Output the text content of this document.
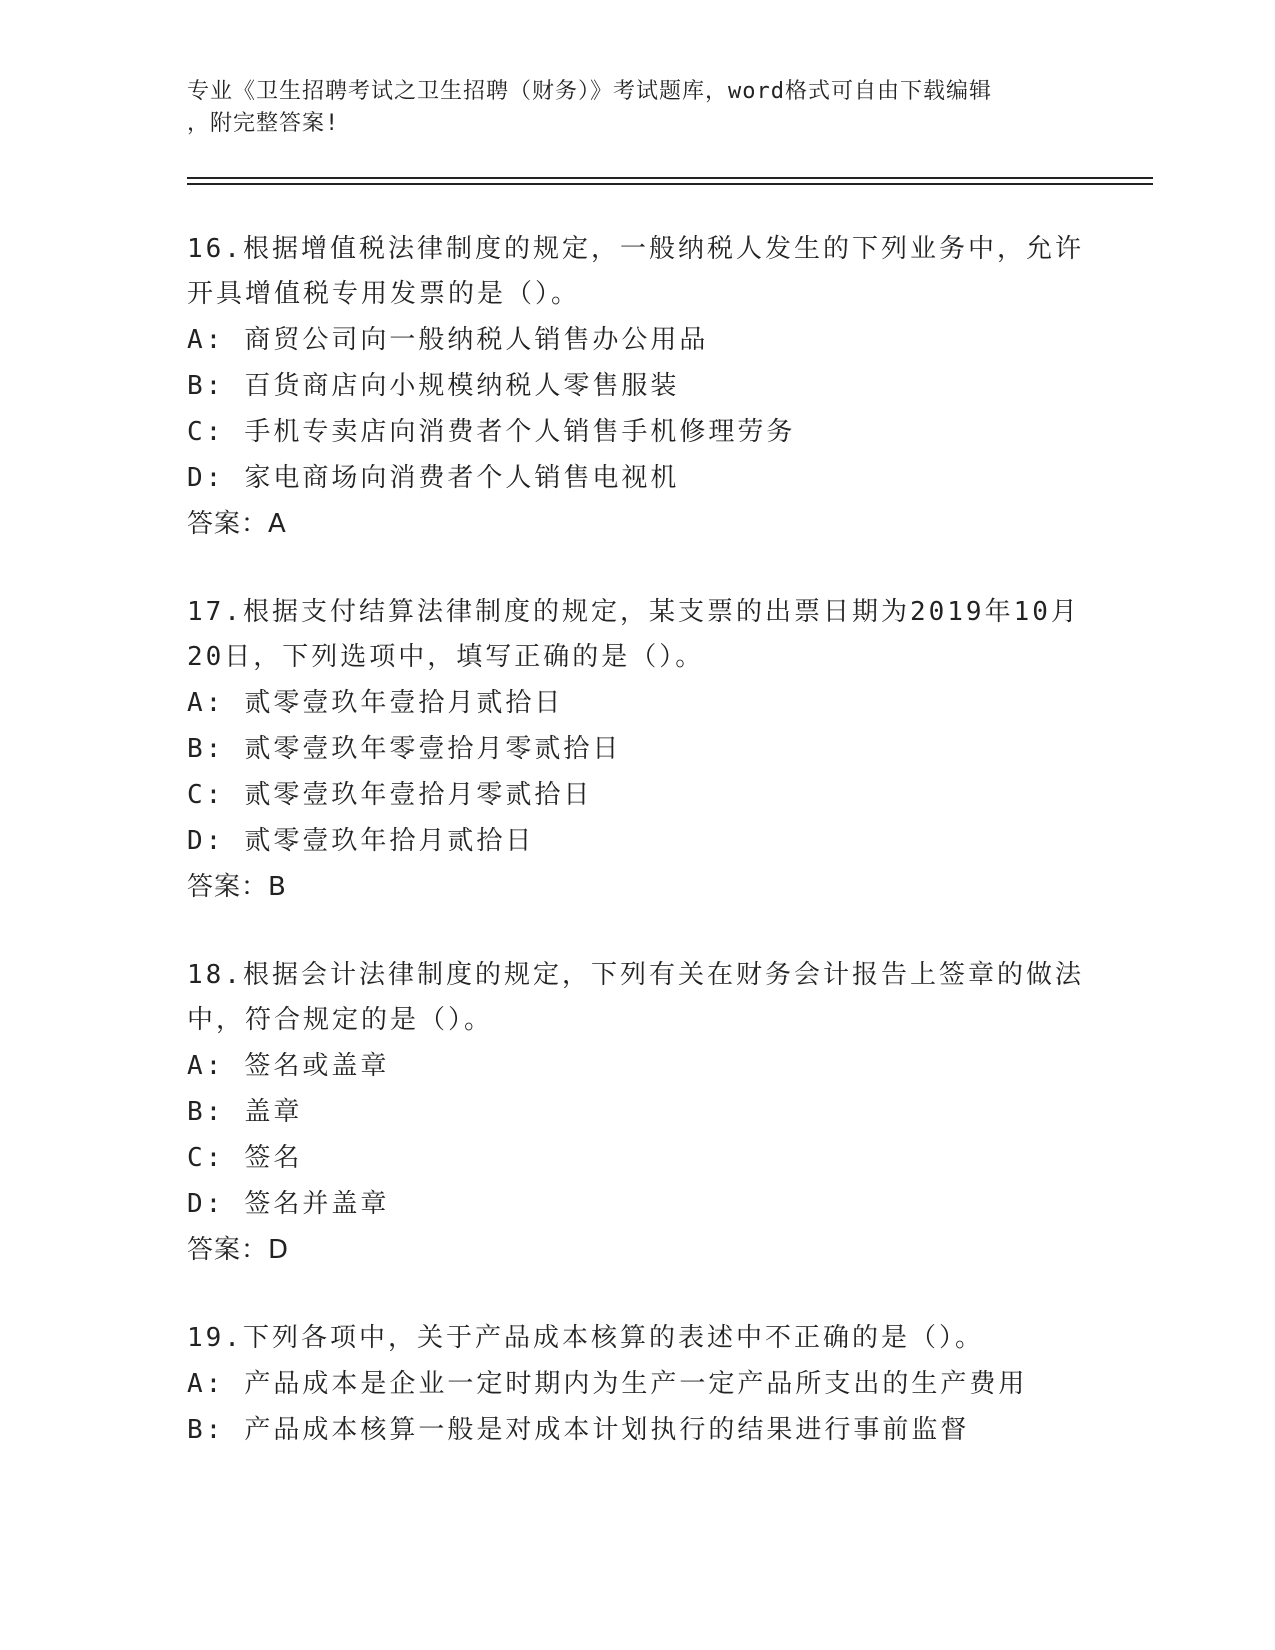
专业《卫生招聘考试之卫生招聘（财务）》考试题库，word格式可自由下载编辑
，附完整答案!
16.根据增值税法律制度的规定，一般纳税人发生的下列业务中，允许
开具增值税专用发票的是（）。
A: 商贸公司向一般纳税人销售办公用品
B: 百货商店向小规模纳税人零售服装
C: 手机专卖店向消费者个人销售手机修理劳务
D: 家电商场向消费者个人销售电视机
答案：A
17.根据支付结算法律制度的规定，某支票的出票日期为2019年10月
20日，下列选项中，填写正确的是（）。
A: 贰零壹玖年壹拾月贰拾日
B: 贰零壹玖年零壹拾月零贰拾日
C: 贰零壹玖年壹拾月零贰拾日
D: 贰零壹玖年拾月贰拾日
答案：B
18.根据会计法律制度的规定，下列有关在财务会计报告上签章的做法
中，符合规定的是（）。
A: 签名或盖章
B: 盖章
C: 签名
D: 签名并盖章
答案：D
19.下列各项中，关于产品成本核算的表述中不正确的是（）。
A: 产品成本是企业一定时期内为生产一定产品所支出的生产费用
B: 产品成本核算一般是对成本计划执行的结果进行事前监督
